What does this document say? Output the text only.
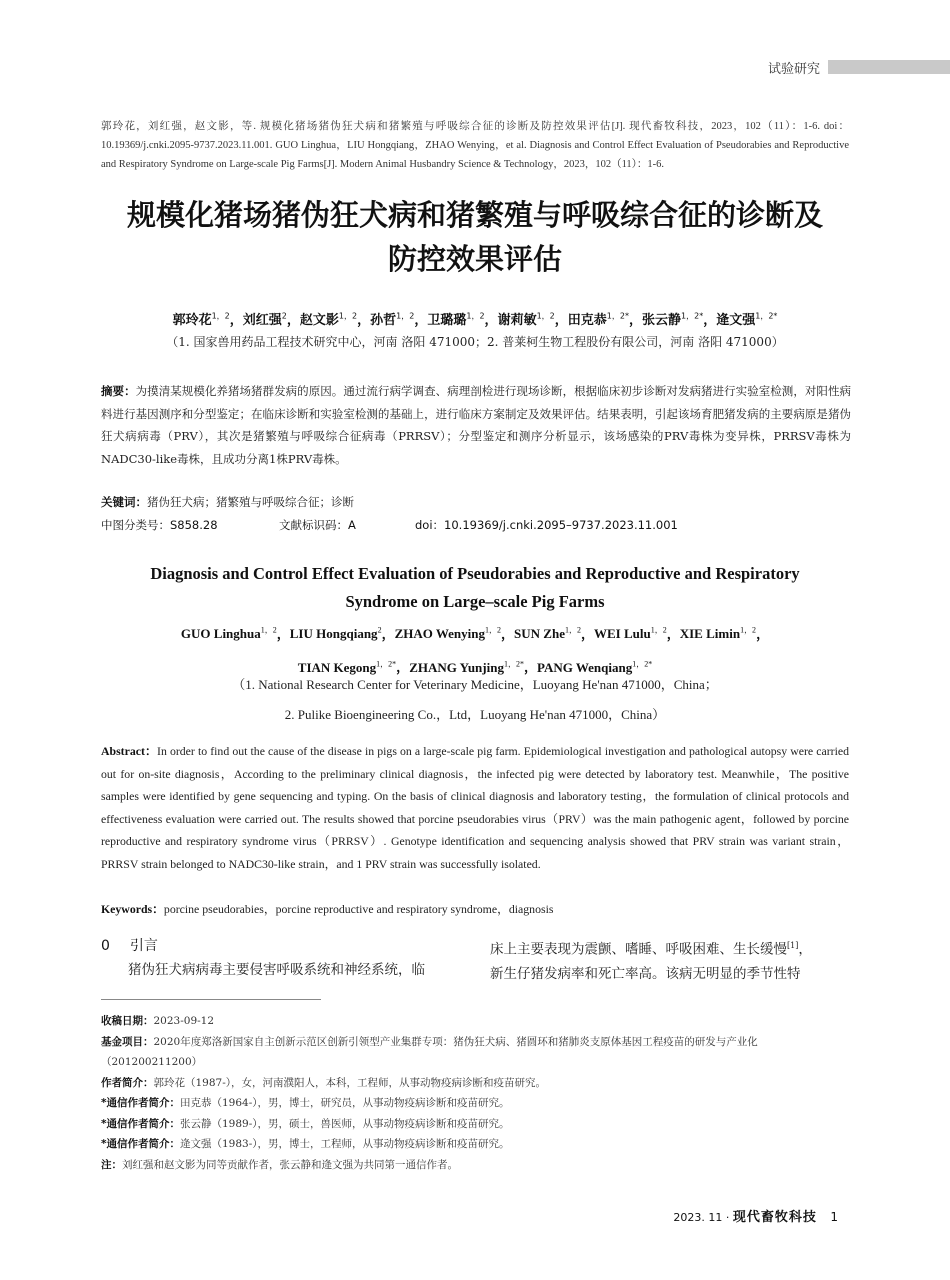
试验研究
郭玲花，刘红强，赵文影，等. 规模化猪场猪伪狂犬病和猪繁殖与呼吸综合征的诊断及防控效果评估[J]. 现代畜牧科技，2023，102（11）：1-6. doi：10.19369/j.cnki.2095-9737.2023.11.001. GUO Linghua，LIU Hongqiang，ZHAO Wenying，et al. Diagnosis and Control Effect Evaluation of Pseudorabies and Reproductive and Respiratory Syndrome on Large-scale Pig Farms[J]. Modern Animal Husbandry Science & Technology，2023，102（11）：1-6.
规模化猪场猪伪狂犬病和猪繁殖与呼吸综合征的诊断及
防控效果评估
郭玲花$^{1,2}$，刘红强$^2$，赵文影$^{1,2}$，孙哲$^{1,2}$，卫璐璐$^{1,2}$，谢莉敏$^{1,2}$，田克恭$^{1,2*}$，张云静$^{1,2*}$，逄文强$^{1,2*}$
（1. 国家兽用药品工程技术研究中心，河南 洛阳 471000；2. 普莱柯生物工程股份有限公司，河南 洛阳 471000）
摘要：为摸清某规模化养猪场猪群发病的原因。通过流行病学调查、病理剖检进行现场诊断，根据临床初步诊断对发病猪进行实验室检测，对阳性病料进行基因测序和分型鉴定；在临床诊断和实验室检测的基础上，进行临床方案制定及效果评估。结果表明，引起该场育肥猪发病的主要病原是猪伪狂犬病病毒（PRV），其次是猪繁殖与呼吸综合征病毒（PRRSV）；分型鉴定和测序分析显示，该场感染的PRV毒株为变异株，PRRSV毒株为NADC30-like毒株，且成功分离1株PRV毒株。
关键词：猪伪狂犬病；猪繁殖与呼吸综合征；诊断
中图分类号：S858.28	文献标识码：A	doi：10.19369/j.cnki.2095–9737.2023.11.001
Diagnosis and Control Effect Evaluation of Pseudorabies and Reproductive and Respiratory
Syndrome on Large–scale Pig Farms
GUO Linghua$^{1,2}$，LIU Hongqiang$^2$，ZHAO Wenying$^{1,2}$，SUN Zhe$^{1,2}$，WEI Lulu$^{1,2}$，XIE Limin$^{1,2}$，
TIAN Kegong$^{1,2*}$，ZHANG Yunjing$^{1,2*}$，PANG Wenqiang$^{1,2*}$
（1. National Research Center for Veterinary Medicine，Luoyang He'nan 471000，China；
2. Pulike Bioengineering Co.，Ltd，Luoyang He'nan 471000，China）
Abstract：In order to find out the cause of the disease in pigs on a large-scale pig farm. Epidemiological investigation and pathological autopsy were carried out for on-site diagnosis，According to the preliminary clinical diagnosis，the infected pig were detected by laboratory test. Meanwhile，The positive samples were identified by gene sequencing and typing. On the basis of clinical diagnosis and laboratory testing，the formulation of clinical protocols and effectiveness evaluation were carried out. The results showed that porcine pseudorabies virus（PRV）was the main pathogenic agent，followed by porcine reproductive and respiratory syndrome virus（PRRSV）. Genotype identification and sequencing analysis showed that PRV strain was variant strain，PRRSV strain belonged to NADC30-like strain，and 1 PRV strain was successfully isolated.
Keywords：porcine pseudorabies，porcine reproductive and respiratory syndrome，diagnosis
0 引言

猪伪狂犬病病毒主要侵害呼吸系统和神经系统，临

床上主要表现为震颤、嗜睡、呼吸困难、生长缓慢[1]，
新生仔猪发病率和死亡率高。该病无明显的季节性特
收稿日期：2023-09-12
基金项目：2020年度郑洛新国家自主创新示范区创新引领型产业集群专项：猪伪狂犬病、猪圆环和猪肺炎支原体基因工程疫苗的研发与产业化（201200211200）
作者简介：郭玲花（1987-），女，河南濮阳人，本科，工程师，从事动物疫病诊断和疫苗研究。
*通信作者简介：田克恭（1964-），男，博士，研究员，从事动物疫病诊断和疫苗研究。
*通信作者简介：张云静（1989-），男，硕士，兽医师，从事动物疫病诊断和疫苗研究。
*通信作者简介：逄文强（1983-），男，博士，工程师，从事动物疫病诊断和疫苗研究。
注：刘红强和赵文影为同等贡献作者，张云静和逄文强为共同第一通信作者。
2023. 11 · 现代畜牧科技 1
